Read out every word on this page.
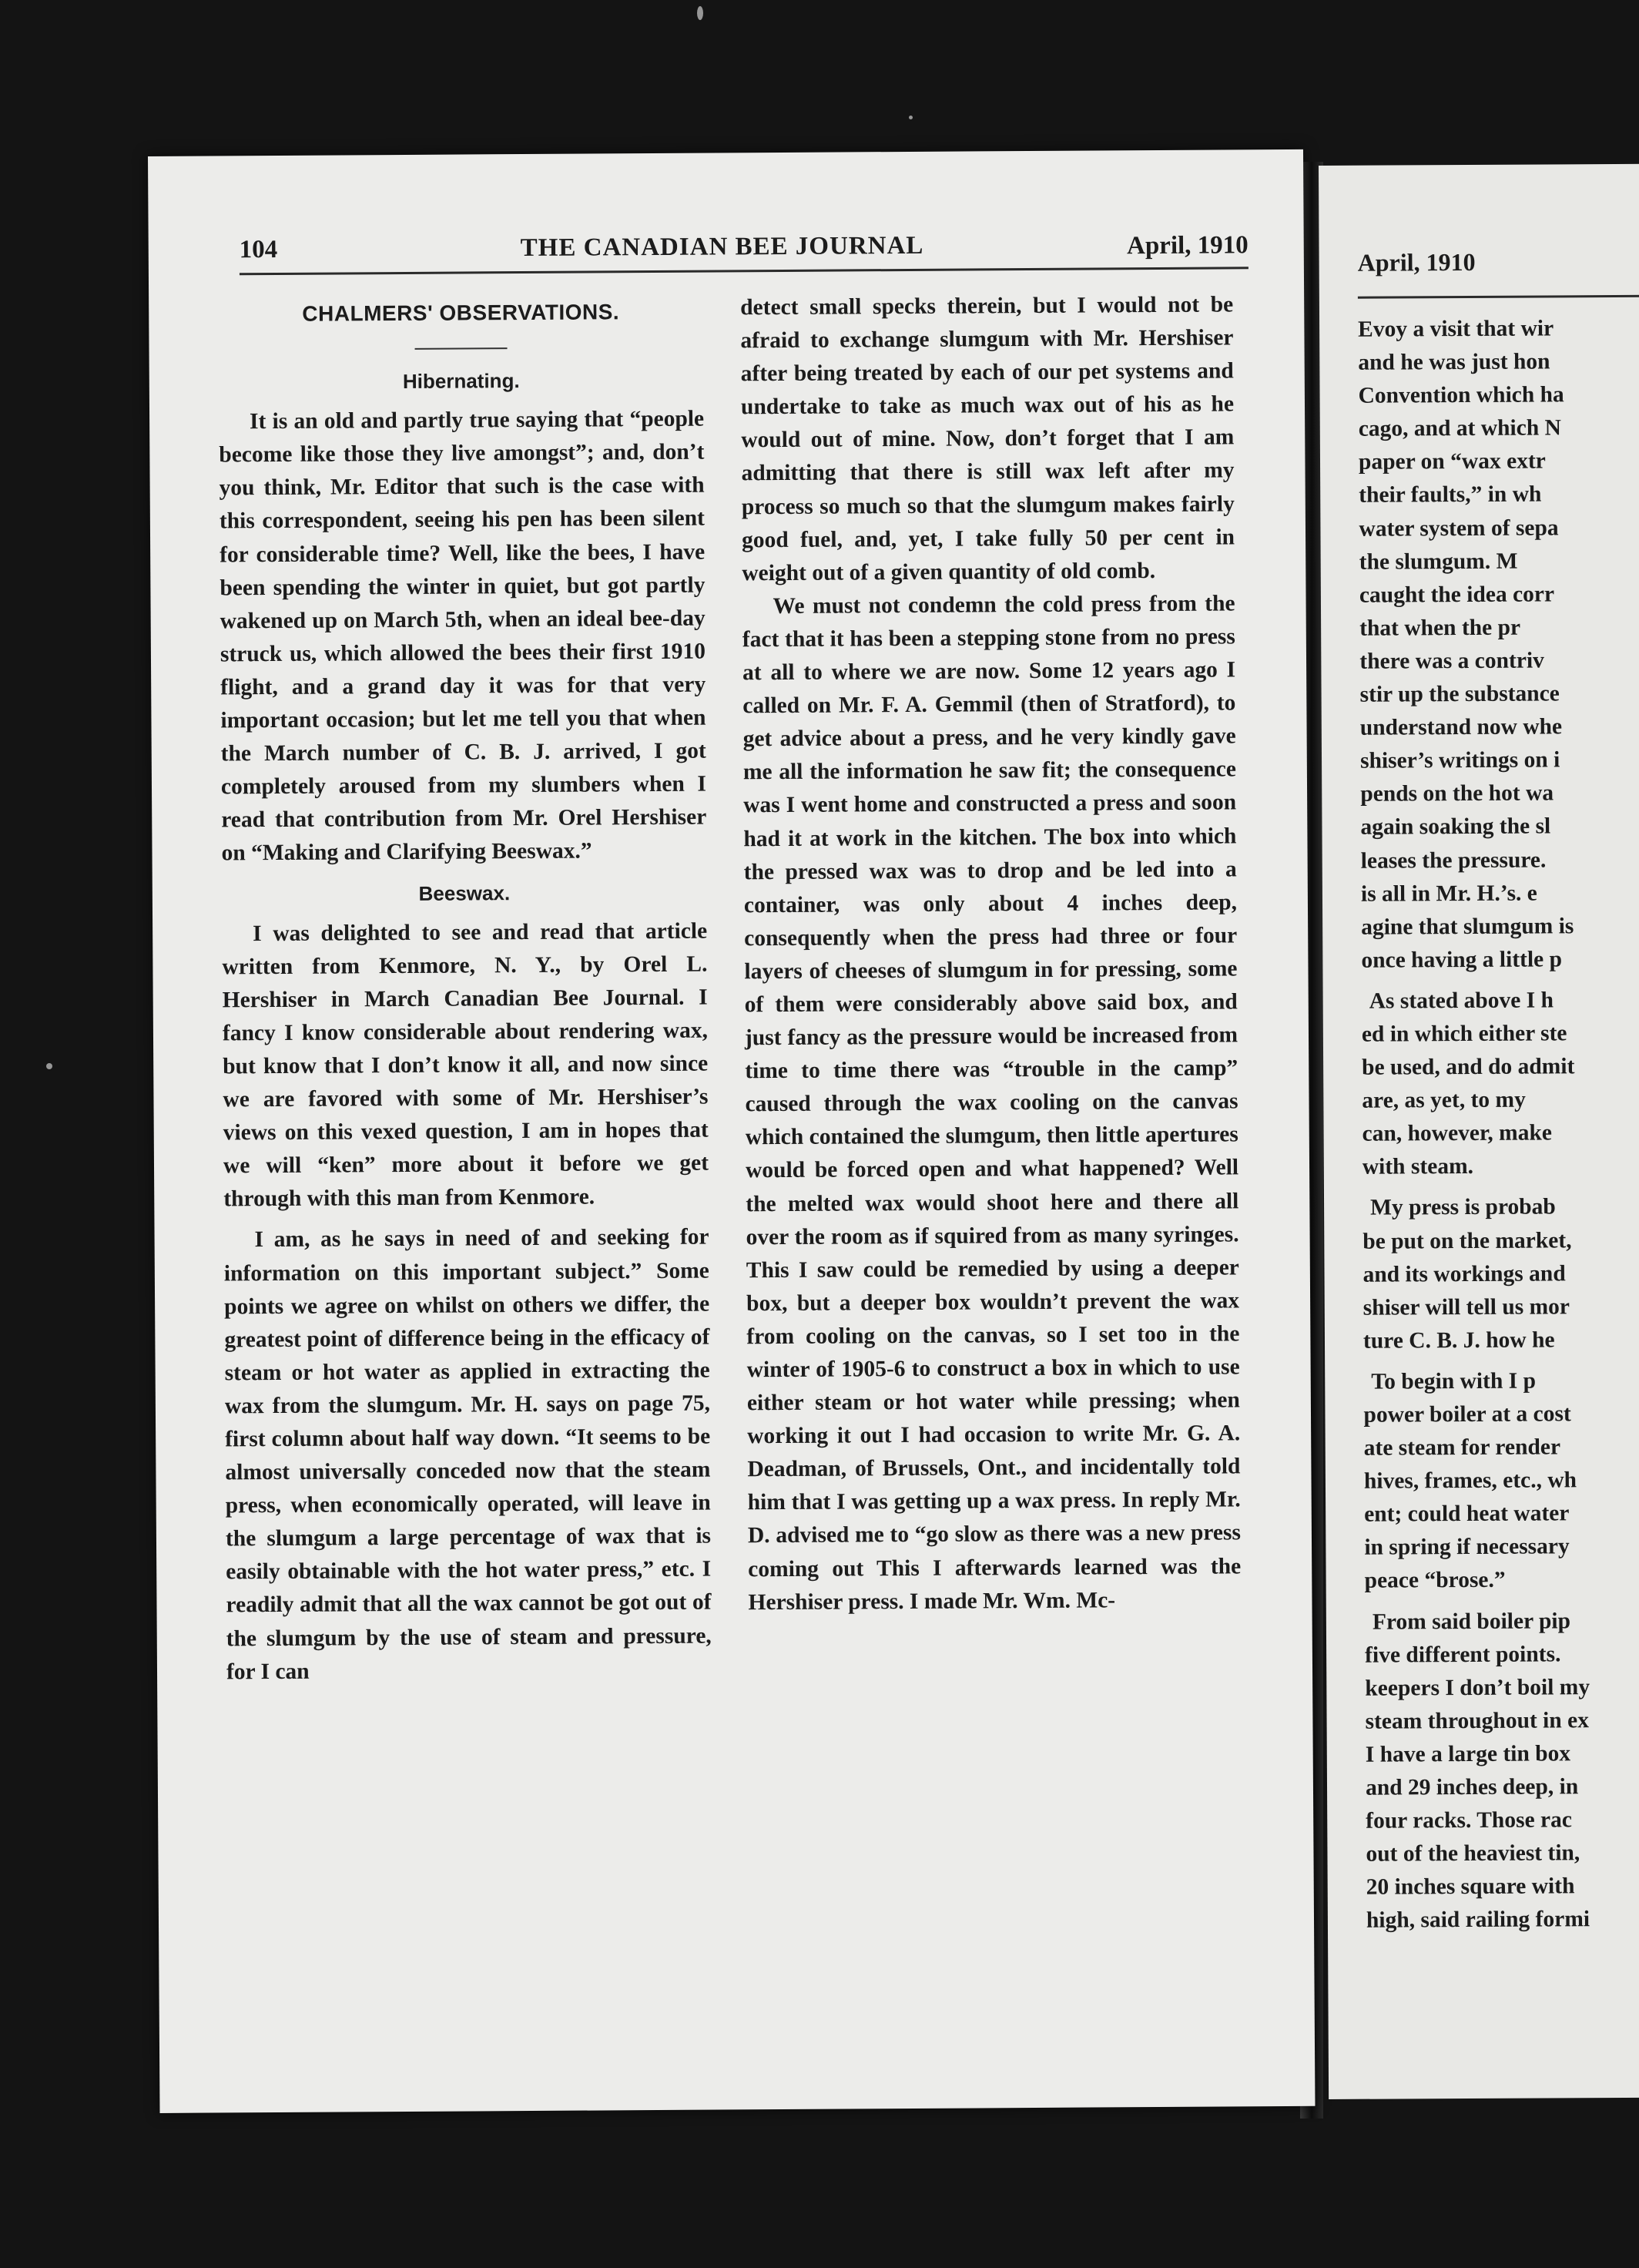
104	THE CANADIAN BEE JOURNAL	April, 1910
CHALMERS' OBSERVATIONS.
Hibernating.

It is an old and partly true saying that “people become like those they live amongst”; and, don’t you think, Mr. Editor that such is the case with this correspondent, seeing his pen has been silent for considerable time? Well, like the bees, I have been spending the winter in quiet, but got partly wakened up on March 5th, when an ideal bee-day struck us, which allowed the bees their first 1910 flight, and a grand day it was for that very important occasion; but let me tell you that when the March number of C. B. J. arrived, I got completely aroused from my slumbers when I read that contribution from Mr. Orel Hershiser on “Making and Clarifying Beeswax.”

Beeswax.

I was delighted to see and read that article written from Kenmore, N. Y., by Orel L. Hershiser in March Canadian Bee Journal. I fancy I know considerable about rendering wax, but know that I don’t know it all, and now since we are favored with some of Mr. Hershiser’s views on this vexed question, I am in hopes that we will “ken” more about it before we get through with this man from Kenmore.

I am, as he says in need of and seeking for information on this important subject.” Some points we agree on whilst on others we differ, the greatest point of difference being in the efficacy of steam or hot water as applied in extracting the wax from the slumgum. Mr. H. says on page 75, first column about half way down. “It seems to be almost universally conceded now that the steam press, when economically operated, will leave in the slumgum a large percentage of wax that is easily obtainable with the hot water press,” etc. I readily admit that all the wax cannot be got out of the slumgum by the use of steam and pressure, for I can

detect small specks therein, but I would not be afraid to exchange slumgum with Mr. Hershiser after being treated by each of our pet systems and undertake to take as much wax out of his as he would out of mine. Now, don’t forget that I am admitting that there is still wax left after my process so much so that the slumgum makes fairly good fuel, and, yet, I take fully 50 per cent in weight out of a given quantity of old comb.

We must not condemn the cold press from the fact that it has been a stepping stone from no press at all to where we are now. Some 12 years ago I called on Mr. F. A. Gemmil (then of Stratford), to get advice about a press, and he very kindly gave me all the information he saw fit; the consequence was I went home and constructed a press and soon had it at work in the kitchen. The box into which the pressed wax was to drop and be led into a container, was only about 4 inches deep, consequently when the press had three or four layers of cheeses of slumgum in for pressing, some of them were considerably above said box, and just fancy as the pressure would be increased from time to time there was “trouble in the camp” caused through the wax cooling on the canvas which contained the slumgum, then little apertures would be forced open and what happened? Well the melted wax would shoot here and there all over the room as if squired from as many syringes. This I saw could be remedied by using a deeper box, but a deeper box wouldn’t prevent the wax from cooling on the canvas, so I set too in the winter of 1905-6 to construct a box in which to use either steam or hot water while pressing; when working it out I had occasion to write Mr. G. A. Deadman, of Brussels, Ont., and incidentally told him that I was getting up a wax press. In reply Mr. D. advised me to “go slow as there was a new press coming out This I afterwards learned was the Hershiser press. I made Mr. Wm. Mc-

April, 1910
Evoy a visit that wir
and he was just hon
Convention which ha
cago, and at which N
paper on “wax extr
their faults,” in wh
water system of sepa
the slumgum. M
caught the idea corr
that when the pr
there was a contriv
stir up the substance
understand now whe
shiser’s writings on i
pends on the hot wa
again soaking the sl
leases the pressure.
is all in Mr. H.’s. e
agine that slumgum is
once having a little p
As stated above I h
ed in which either ste
be used, and do admit
are, as yet, to my
can, however, make
with steam.
My press is probab
be put on the market,
and its workings and
shiser will tell us mor
ture C. B. J. how he
To begin with I p
power boiler at a cost
ate steam for render
hives, frames, etc., wh
ent; could heat water
in spring if necessary
peace “brose.”
From said boiler pip
five different points.
keepers I don’t boil my
steam throughout in ex
I have a large tin box
and 29 inches deep, in
four racks. Those rac
out of the heaviest tin,
20 inches square with
high, said railing formi
